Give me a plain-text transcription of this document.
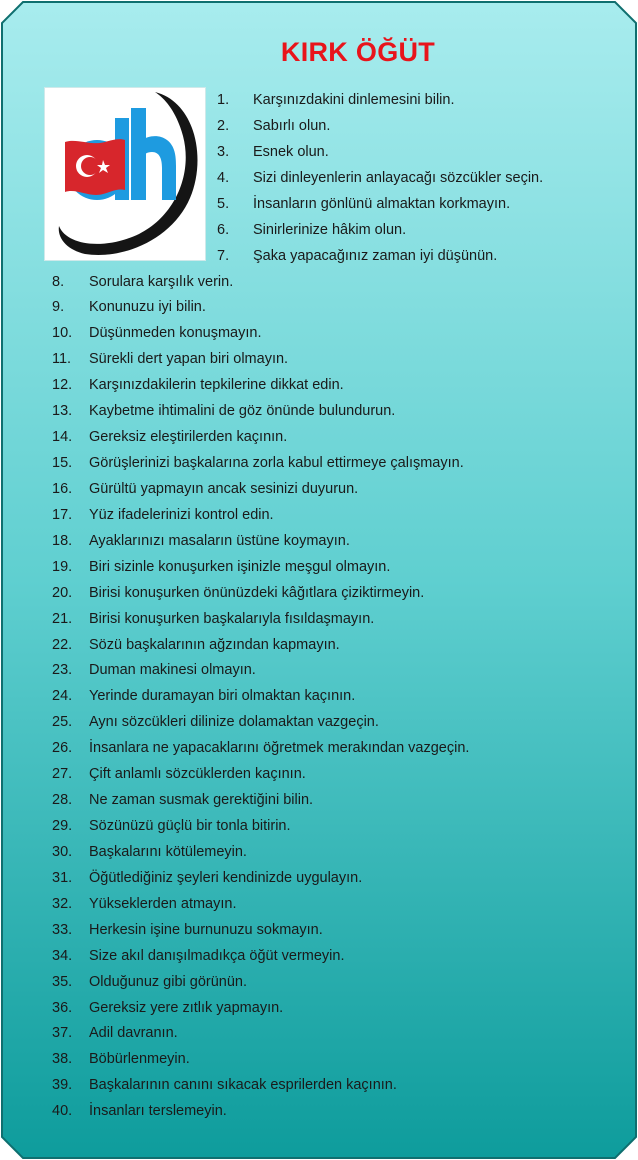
KIRK ÖĞÜT
1. Karşınızdakini dinlemesini bilin.
2. Sabırlı olun.
3. Esnek olun.
4. Sizi dinleyenlerin anlayacağı sözcükler seçin.
5. İnsanların gönlünü almaktan korkmayın.
6. Sinirlerinize hâkim olun.
7. Şaka yapacağınız zaman iyi düşünün.
8. Sorulara karşılık verin.
9. Konunuzu iyi bilin.
10. Düşünmeden konuşmayın.
11. Sürekli dert yapan biri olmayın.
12. Karşınızdakilerin tepkilerine dikkat edin.
13. Kaybetme ihtimalini de göz önünde bulundurun.
14. Gereksiz eleştirilerden kaçının.
15. Görüşlerinizi başkalarına zorla kabul ettirmeye çalışmayın.
16. Gürültü yapmayın ancak sesinizi duyurun.
17. Yüz ifadelerinizi kontrol edin.
18. Ayaklarınızı masaların üstüne koymayın.
19. Biri sizinle konuşurken işinizle meşgul olmayın.
20. Birisi konuşurken önünüzdeki kâğıtlara çiziktirmeyin.
21. Birisi konuşurken başkalarıyla fısıldaşmayın.
22. Sözü başkalarının ağzından kapmayın.
23. Duman makinesi olmayın.
24. Yerinde duramayan biri olmaktan kaçının.
25. Aynı sözcükleri dilinize dolamaktan vazgeçin.
26. İnsanlara ne yapacaklarını öğretmek merakından vazgeçin.
27. Çift anlamlı sözcüklerden kaçının.
28. Ne zaman susmak gerektiğini bilin.
29. Sözünüzü güçlü bir tonla bitirin.
30. Başkalarını kötülemeyin.
31. Öğütlediğiniz şeyleri kendinizde uygulayın.
32. Yükseklerden atmayın.
33. Herkesin işine burnunuzu sokmayın.
34. Size akıl danışılmadıkça öğüt vermeyin.
35. Olduğunuz gibi görünün.
36. Gereksiz yere zıtlık yapmayın.
37. Adil davranın.
38. Böbürlenmeyin.
39. Başkalarının canını sıkacak esprilerden kaçının.
40. İnsanları terslemeyin.
